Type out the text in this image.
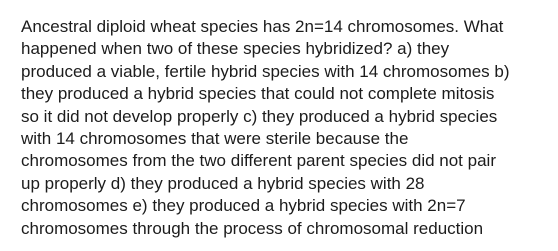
Ancestral diploid wheat species has 2n=14 chromosomes. What
happened when two of these species hybridized? a) they
produced a viable, fertile hybrid species with 14 chromosomes b)
they produced a hybrid species that could not complete mitosis
so it did not develop properly c) they produced a hybrid species
with 14 chromosomes that were sterile because the
chromosomes from the two different parent species did not pair
up properly d) they produced a hybrid species with 28
chromosomes e) they produced a hybrid species with 2n=7
chromosomes through the process of chromosomal reduction
